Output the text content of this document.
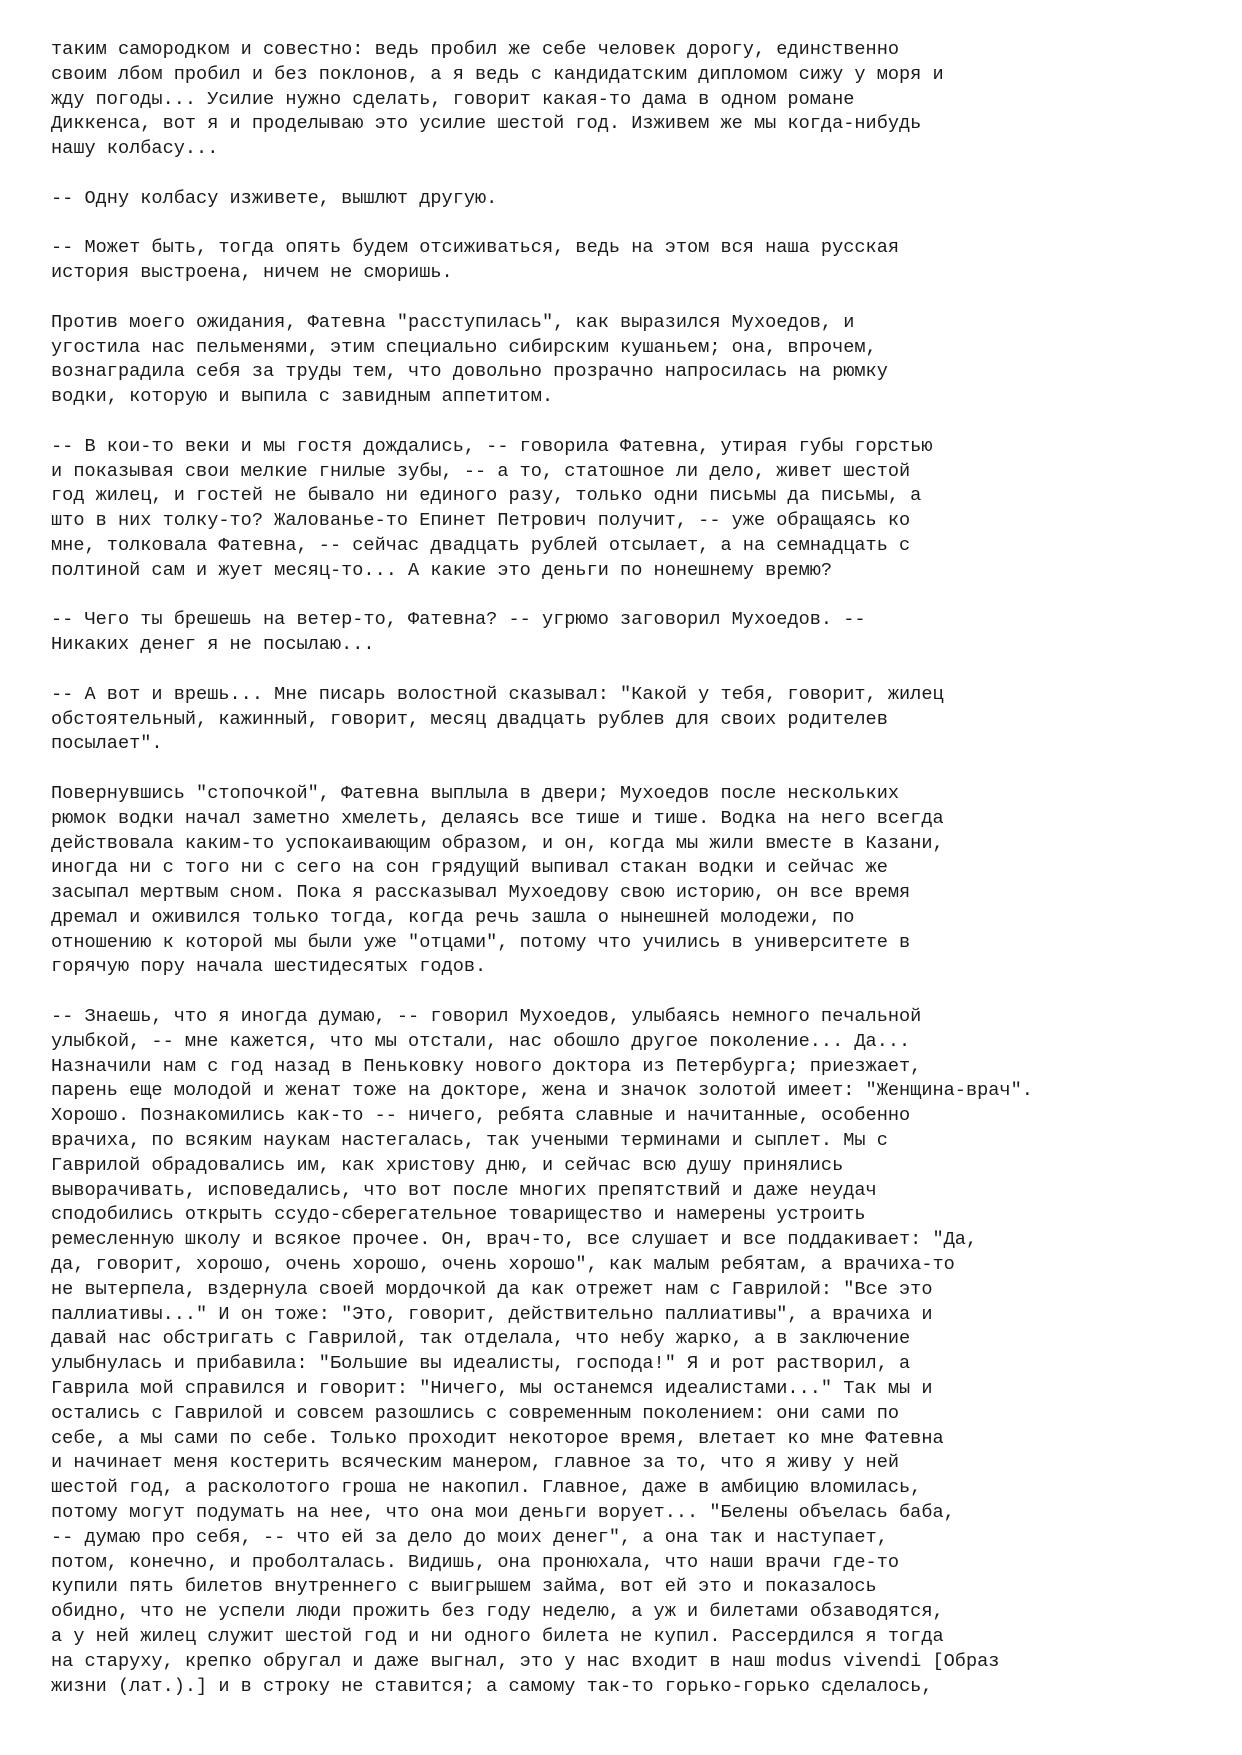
таким самородком и совестно: ведь пробил же себе человек дорогу, единственно
своим лбом пробил и без поклонов, а я ведь с кандидатским дипломом сижу у моря и
жду погоды... Усилие нужно сделать, говорит какая-то дама в одном романе
Диккенса, вот я и проделываю это усилие шестой год. Изживем же мы когда-нибудь
нашу колбасу...
-- Одну колбасу изживете, вышлют другую.
-- Может быть, тогда опять будем отсиживаться, ведь на этом вся наша русская
история выстроена, ничем не сморишь.
Против моего ожидания, Фатевна "расступилась", как выразился Мухоедов, и
угостила нас пельменями, этим специально сибирским кушаньем; она, впрочем,
вознаградила себя за труды тем, что довольно прозрачно напросилась на рюмку
водки, которую и выпила с завидным аппетитом.
-- В кои-то веки и мы гостя дождались, -- говорила Фатевна, утирая губы горстью
и показывая свои мелкие гнилые зубы, -- а то, статошное ли дело, живет шестой
год жилец, и гостей не бывало ни единого разу, только одни письмы да письмы, а
што в них толку-то? Жалованье-то Епинет Петрович получит, -- уже обращаясь ко
мне, толковала Фатевна, -- сейчас двадцать рублей отсылает, а на семнадцать с
полтиной сам и жует месяц-то... А какие это деньги по нонешнему времю?
-- Чего ты брешешь на ветер-то, Фатевна? -- угрюмо заговорил Мухоедов. --
Никаких денег я не посылаю...
-- А вот и врешь... Мне писарь волостной сказывал: "Какой у тебя, говорит, жилец
обстоятельный, кажинный, говорит, месяц двадцать рублев для своих родителев
посылает".
Повернувшись "стопочкой", Фатевна выплыла в двери; Мухоедов после нескольких
рюмок водки начал заметно хмелеть, делаясь все тише и тише. Водка на него всегда
действовала каким-то успокаивающим образом, и он, когда мы жили вместе в Казани,
иногда ни с того ни с сего на сон грядущий выпивал стакан водки и сейчас же
засыпал мертвым сном. Пока я рассказывал Мухоедову свою историю, он все время
дремал и оживился только тогда, когда речь зашла о нынешней молодежи, по
отношению к которой мы были уже "отцами", потому что учились в университете в
горячую пору начала шестидесятых годов.
-- Знаешь, что я иногда думаю, -- говорил Мухоедов, улыбаясь немного печальной
улыбкой, -- мне кажется, что мы отстали, нас обошло другое поколение... Да...
Назначили нам с год назад в Пеньковку нового доктора из Петербурга; приезжает,
парень еще молодой и женат тоже на докторе, жена и значок золотой имеет: "Женщина-врач".
Хорошо. Познакомились как-то -- ничего, ребята славные и начитанные, особенно
врачиха, по всяким наукам настегалась, так учеными терминами и сыплет. Мы с
Гаврилой обрадовались им, как христову дню, и сейчас всю душу принялись
выворачивать, исповедались, что вот после многих препятствий и даже неудач
сподобились открыть ссудо-сберегательное товарищество и намерены устроить
ремесленную школу и всякое прочее. Он, врач-то, все слушает и все поддакивает: "Да,
да, говорит, хорошо, очень хорошо, очень хорошо", как малым ребятам, а врачиха-то
не вытерпела, вздернула своей мордочкой да как отрежет нам с Гаврилой: "Все это
паллиативы..." И он тоже: "Это, говорит, действительно паллиативы", а врачиха и
давай нас обстригать с Гаврилой, так отделала, что небу жарко, а в заключение
улыбнулась и прибавила: "Большие вы идеалисты, господа!" Я и рот растворил, а
Гаврила мой справился и говорит: "Ничего, мы останемся идеалистами..." Так мы и
остались с Гаврилой и совсем разошлись с современным поколением: они сами по
себе, а мы сами по себе. Только проходит некоторое время, влетает ко мне Фатевна
и начинает меня костерить всяческим манером, главное за то, что я живу у ней
шестой год, а расколотого гроша не накопил. Главное, даже в амбицию вломилась,
потому могут подумать на нее, что она мои деньги ворует... "Белены объелась баба,
-- думаю про себя, -- что ей за дело до моих денег", а она так и наступает,
потом, конечно, и проболталась. Видишь, она пронюхала, что наши врачи где-то
купили пять билетов внутреннего с выигрышем займа, вот ей это и показалось
обидно, что не успели люди прожить без году неделю, а уж и билетами обзаводятся,
а у ней жилец служит шестой год и ни одного билета не купил. Рассердился я тогда
на старуху, крепко обругал и даже выгнал, это у нас входит в наш modus vivendi [Образ
жизни (лат.).] и в строку не ставится; а самому так-то горько-горько сделалось,
